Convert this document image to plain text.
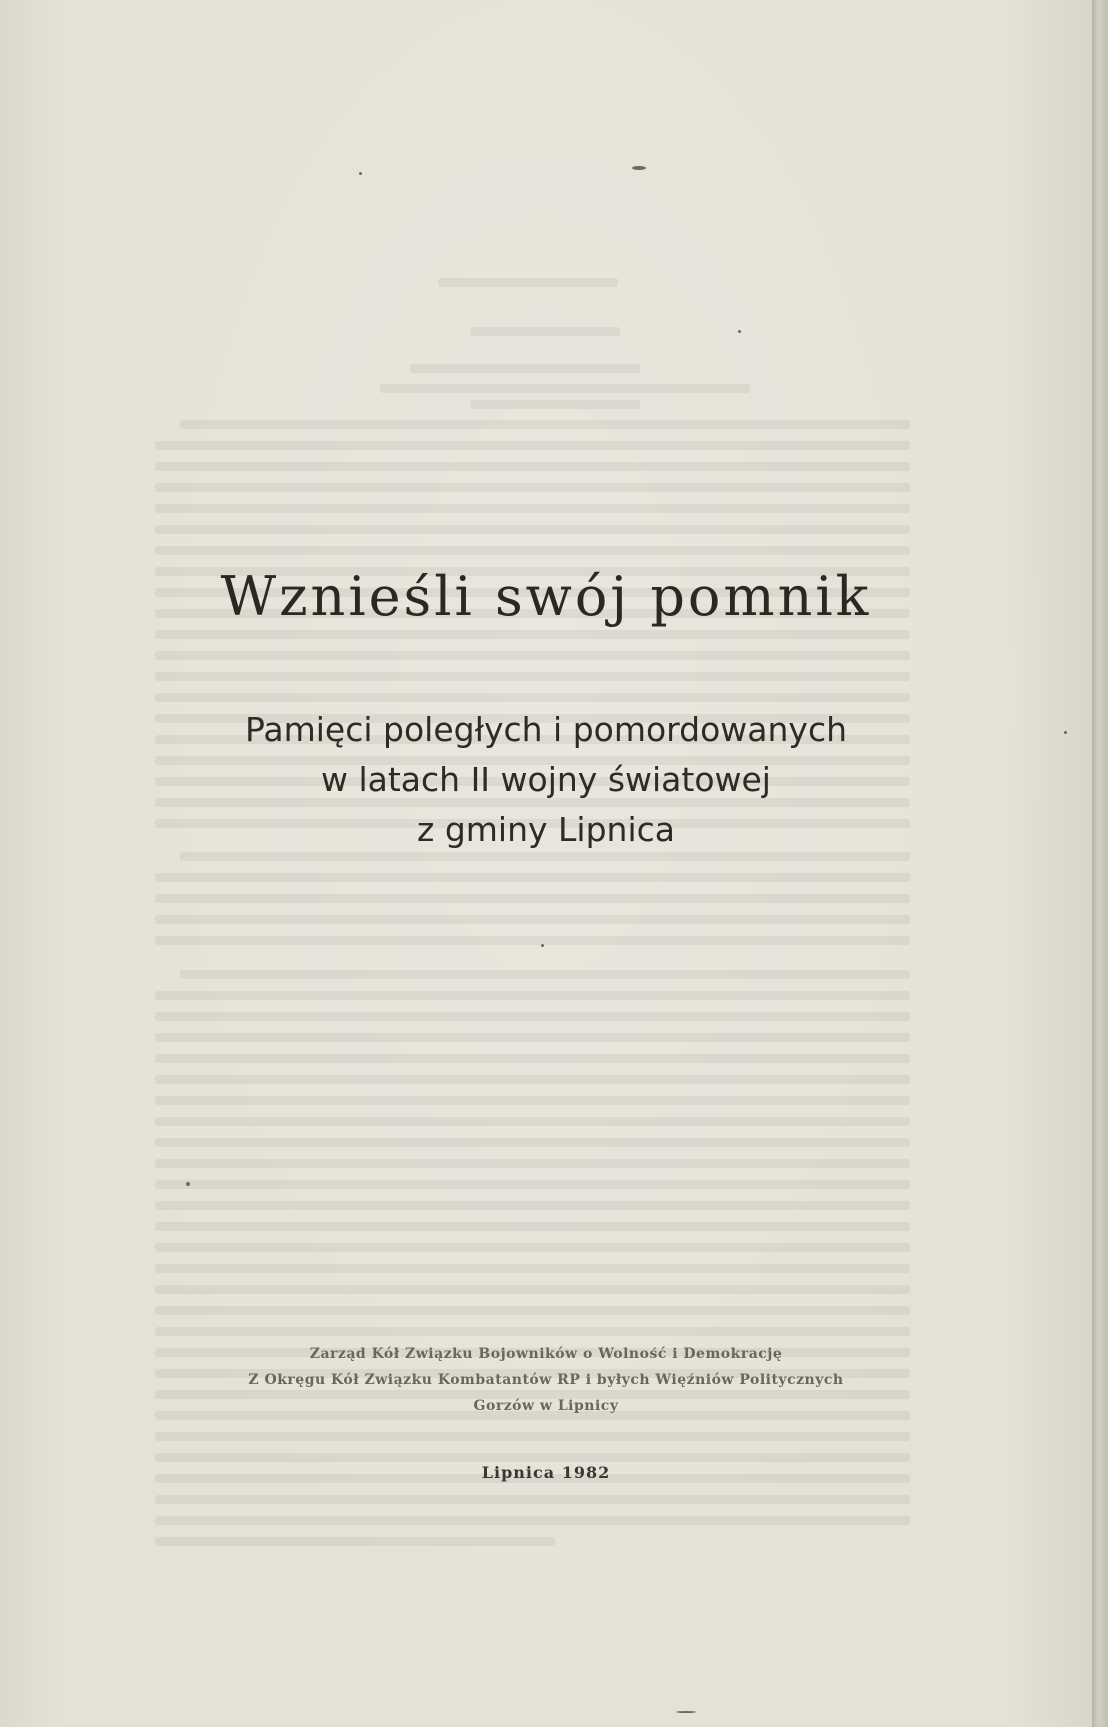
Wznieśli swój pomnik

Pamięci poległych i pomordowanych

w latach II wojny światowej

z gminy Lipnica

Zarząd Kół Związku Bojowników o Wolność i Demokrację
Z Okręgu Kół Związku Kombatantów RP i byłych Więźniów Politycznych
Gorzów w Lipnicy
Lipnica 1982
